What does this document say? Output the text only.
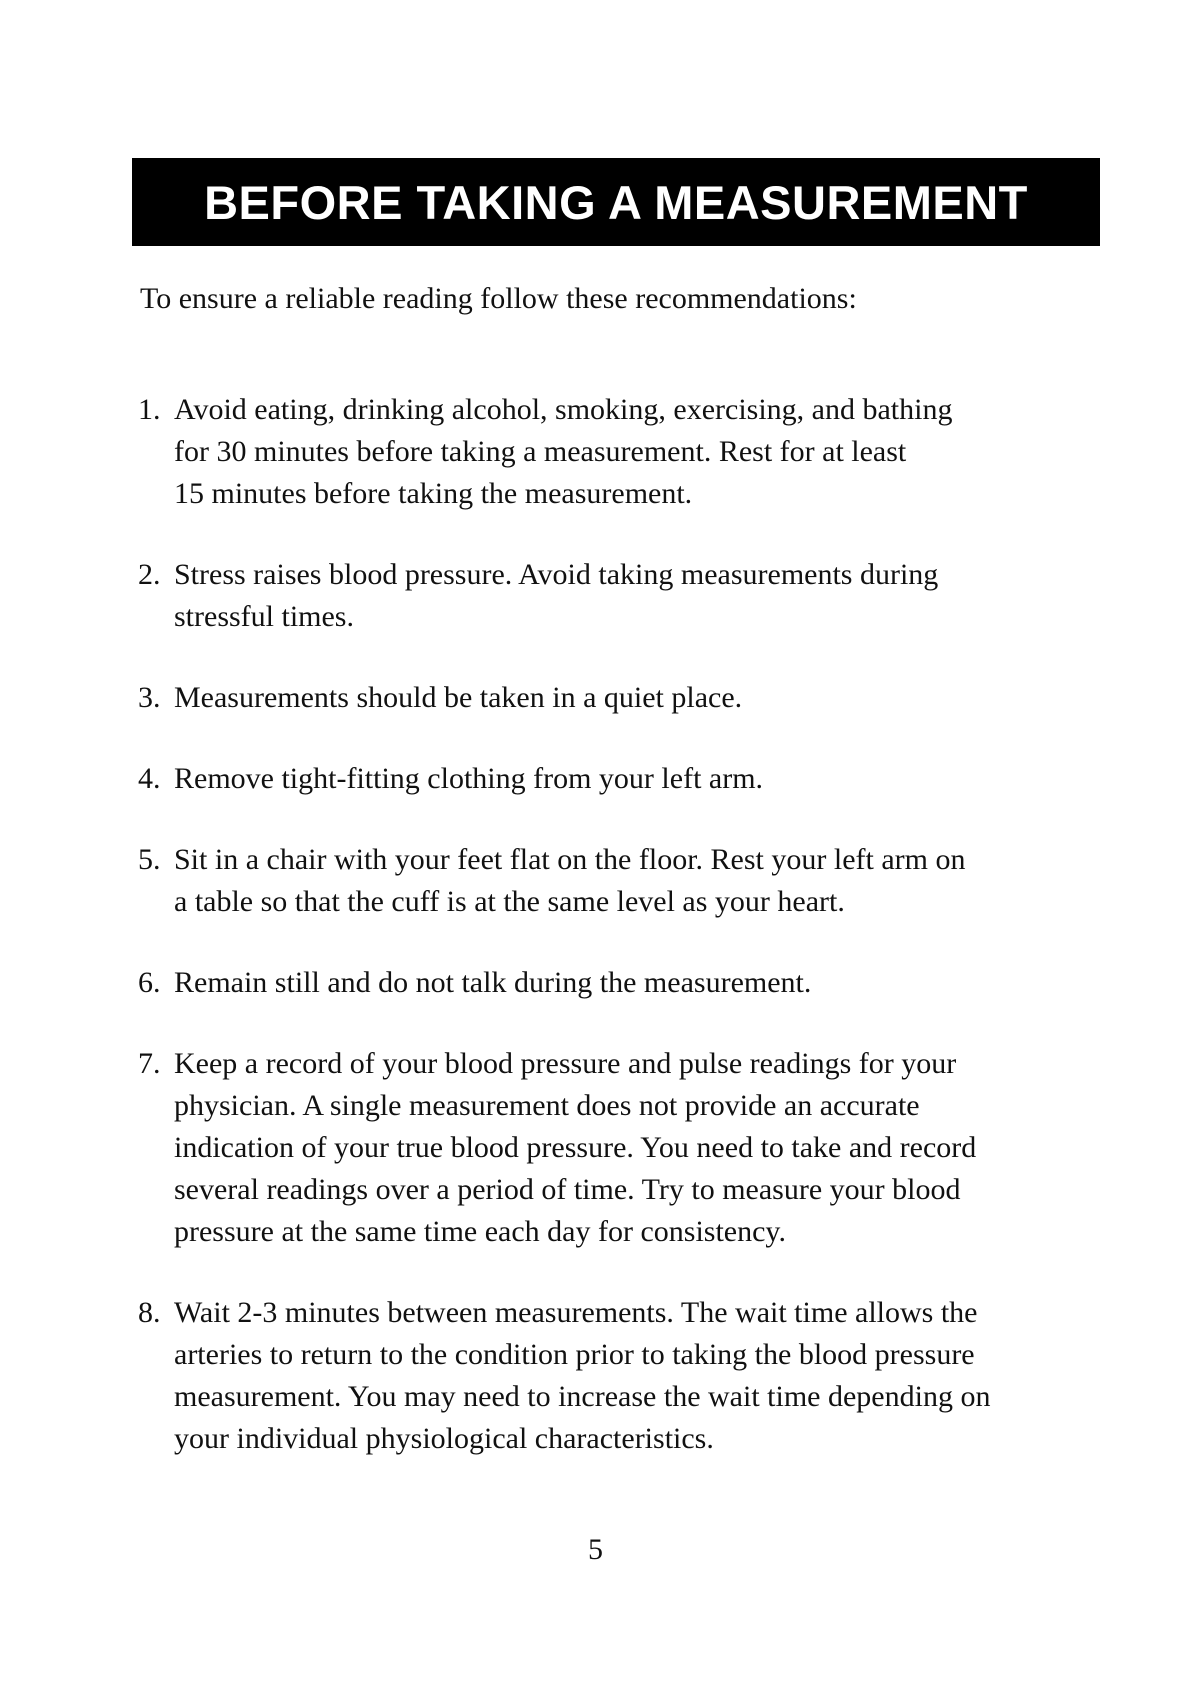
BEFORE TAKING A MEASUREMENT
To ensure a reliable reading follow these recommendations:
1. Avoid eating, drinking alcohol, smoking, exercising, and bathing
for 30 minutes before taking a measurement. Rest for at least
15 minutes before taking the measurement.
2. Stress raises blood pressure. Avoid taking measurements during
stressful times.
3. Measurements should be taken in a quiet place.
4. Remove tight-fitting clothing from your left arm.
5. Sit in a chair with your feet flat on the floor. Rest your left arm on
a table so that the cuff is at the same level as your heart.
6. Remain still and do not talk during the measurement.
7. Keep a record of your blood pressure and pulse readings for your
physician. A single measurement does not provide an accurate
indication of your true blood pressure. You need to take and record
several readings over a period of time. Try to measure your blood
pressure at the same time each day for consistency.
8. Wait 2-3 minutes between measurements. The wait time allows the
arteries to return to the condition prior to taking the blood pressure
measurement. You may need to increase the wait time depending on
your individual physiological characteristics.
5
